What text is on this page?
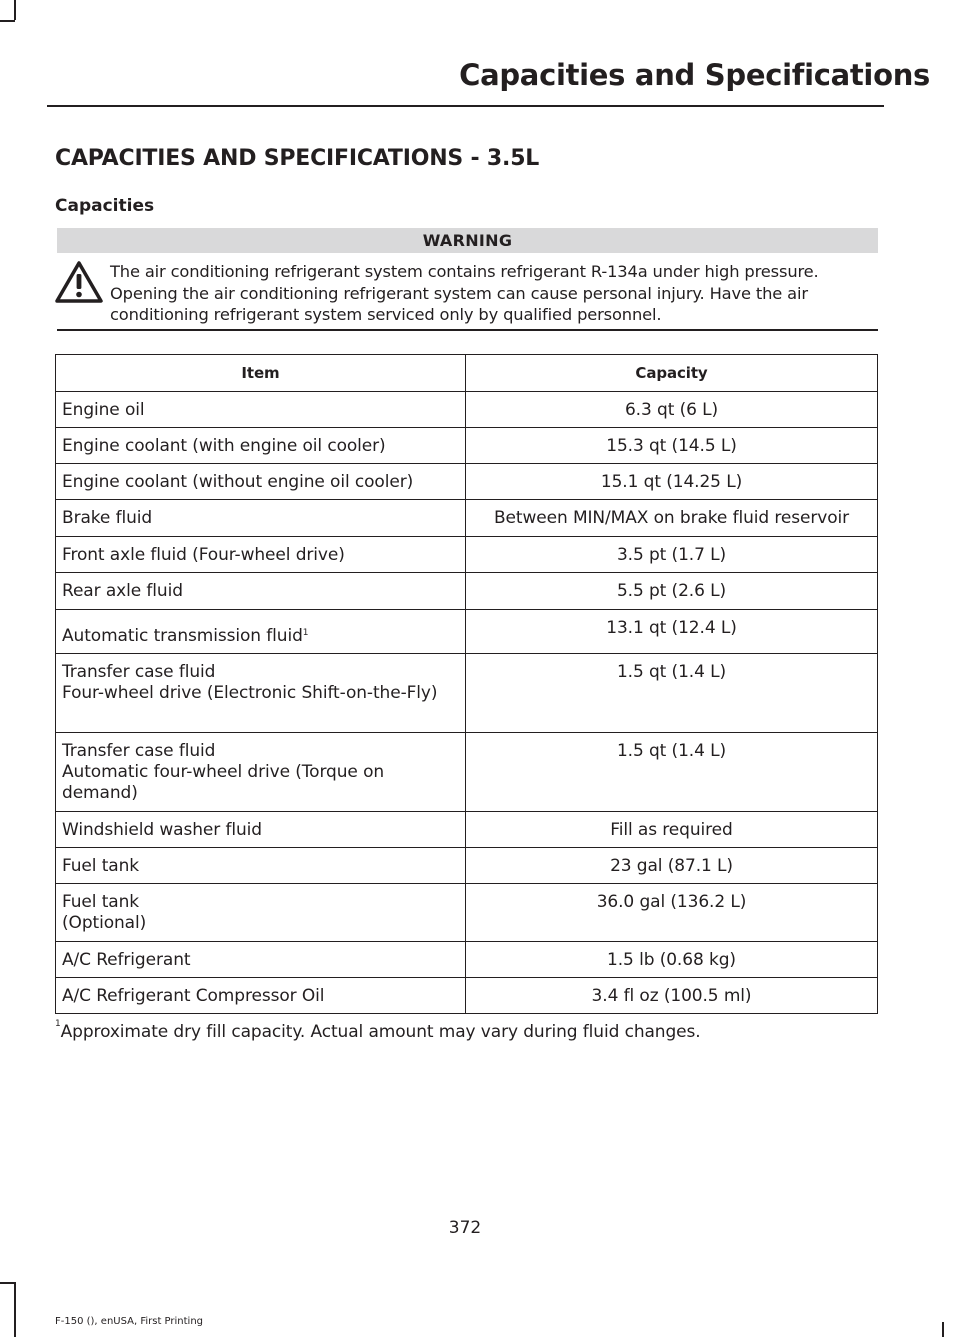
Capacities and Specifications
CAPACITIES AND SPECIFICATIONS - 3.5L
Capacities
WARNING
The air conditioning refrigerant system contains refrigerant R-134a under high pressure. Opening the air conditioning refrigerant system can cause personal injury. Have the air conditioning refrigerant system serviced only by qualified personnel.
Item	Capacity

Engine oil	6.3 qt (6 L)

Engine coolant (with engine oil cooler)	15.3 qt (14.5 L)

Engine coolant (without engine oil cooler)	15.1 qt (14.25 L)

Brake fluid	Between MIN/MAX on brake fluid reservoir

Front axle fluid (Four-wheel drive)	3.5 pt (1.7 L)

Rear axle fluid	5.5 pt (2.6 L)

Automatic transmission fluid$^1$	13.1 qt (12.4 L)

Transfer case fluid
Four-wheel drive (Electronic Shift-on-the-Fly)	1.5 qt (1.4 L)

Transfer case fluid
Automatic four-wheel drive (Torque on demand)	1.5 qt (1.4 L)

Windshield washer fluid	Fill as required

Fuel tank	23 gal (87.1 L)

Fuel tank
(Optional)	36.0 gal (136.2 L)

A/C Refrigerant	1.5 lb (0.68 kg)

A/C Refrigerant Compressor Oil	3.4 fl oz (100.5 ml)
$^1$Approximate dry fill capacity. Actual amount may vary during fluid changes.
372
F-150 (), enUSA, First Printing
